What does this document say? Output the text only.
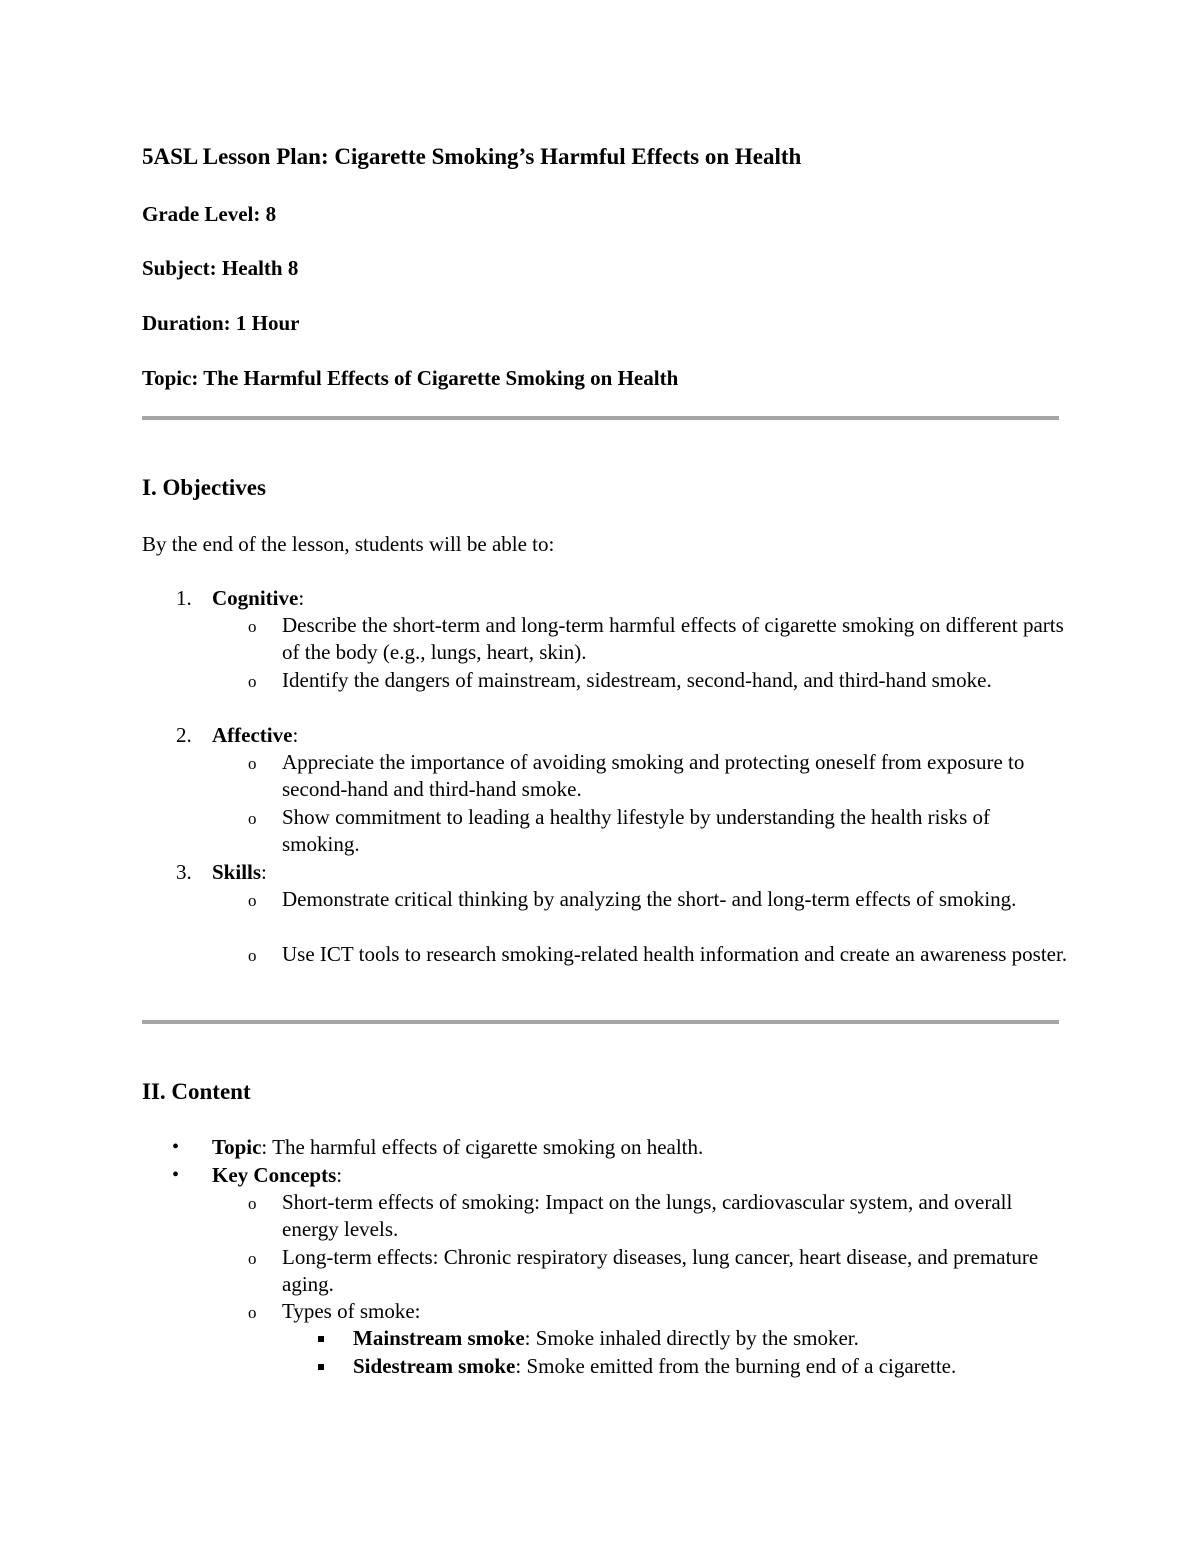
5ASL Lesson Plan: Cigarette Smoking’s Harmful Effects on Health

Grade Level: 8

Subject: Health 8

Duration: 1 Hour

Topic: The Harmful Effects of Cigarette Smoking on Health

I. Objectives

By the end of the lesson, students will be able to:

1. Cognitive:
o Describe the short-term and long-term harmful effects of cigarette smoking on different parts of the body (e.g., lungs, heart, skin).
o Identify the dangers of mainstream, sidestream, second-hand, and third-hand smoke.
2. Affective:
o Appreciate the importance of avoiding smoking and protecting oneself from exposure to second-hand and third-hand smoke.
o Show commitment to leading a healthy lifestyle by understanding the health risks of smoking.
3. Skills:
o Demonstrate critical thinking by analyzing the short- and long-term effects of smoking.
o Use ICT tools to research smoking-related health information and create an awareness poster.

II. Content

• Topic: The harmful effects of cigarette smoking on health.
• Key Concepts:
o Short-term effects of smoking: Impact on the lungs, cardiovascular system, and overall energy levels.
o Long-term effects: Chronic respiratory diseases, lung cancer, heart disease, and premature aging.
o Types of smoke:
Mainstream smoke: Smoke inhaled directly by the smoker.
Sidestream smoke: Smoke emitted from the burning end of a cigarette.
